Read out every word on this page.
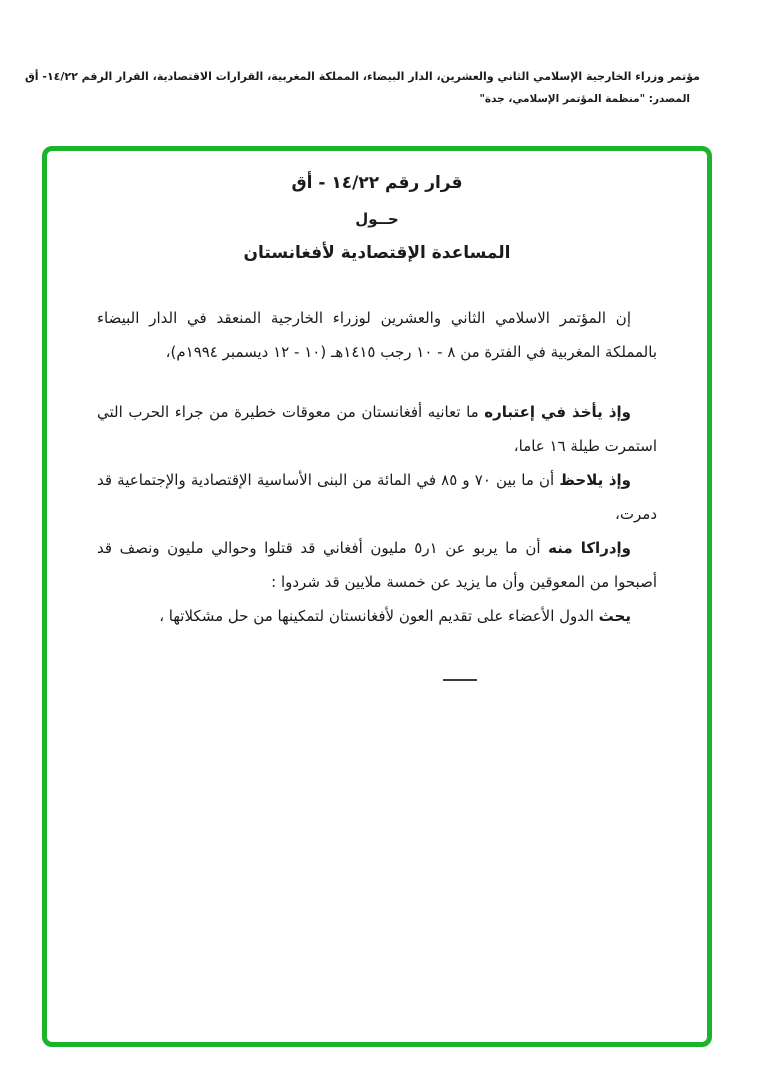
مؤتمر وزراء الخارجية الإسلامي الثاني والعشرين، الدار البيضاء، المملكة المغربية، القرارات الاقتصادية، القرار الرقم ١٤/٢٢- أق
المصدر: "منظمة المؤتمر الإسلامي، جدة"
قرار رقم ١٤/٢٢ - أق
حــول
المساعدة الإقتصادية لأفغانستان

إن المؤتمر الاسلامي الثاني والعشرين لوزراء الخارجية المنعقد في الدار البيضاء بالمملكة المغربية في الفترة من ٨ - ١٠ رجب ١٤١٥هـ (١٠ - ١٢ ديسمبر ١٩٩٤م)،

وإذ يأخذ في إعتباره ما تعانيه أفغانستان من معوقات خطيرة من جراء الحرب التي استمرت طيلة ١٦ عاما،

وإذ يلاحظ أن ما بين ٧٠ و ٨٥ في المائة من البنى الأساسية الإقتصادية والإجتماعية قد دمرت،

وإدراكا منه أن ما يربو عن ١ر٥ مليون أفغاني قد قتلوا وحوالي مليون ونصف قد أصبحوا من المعوقين وأن ما يزيد عن خمسة ملايين قد شردوا :

يحث الدول الأعضاء على تقديم العون لأفغانستان لتمكينها من حل مشكلاتها ،
